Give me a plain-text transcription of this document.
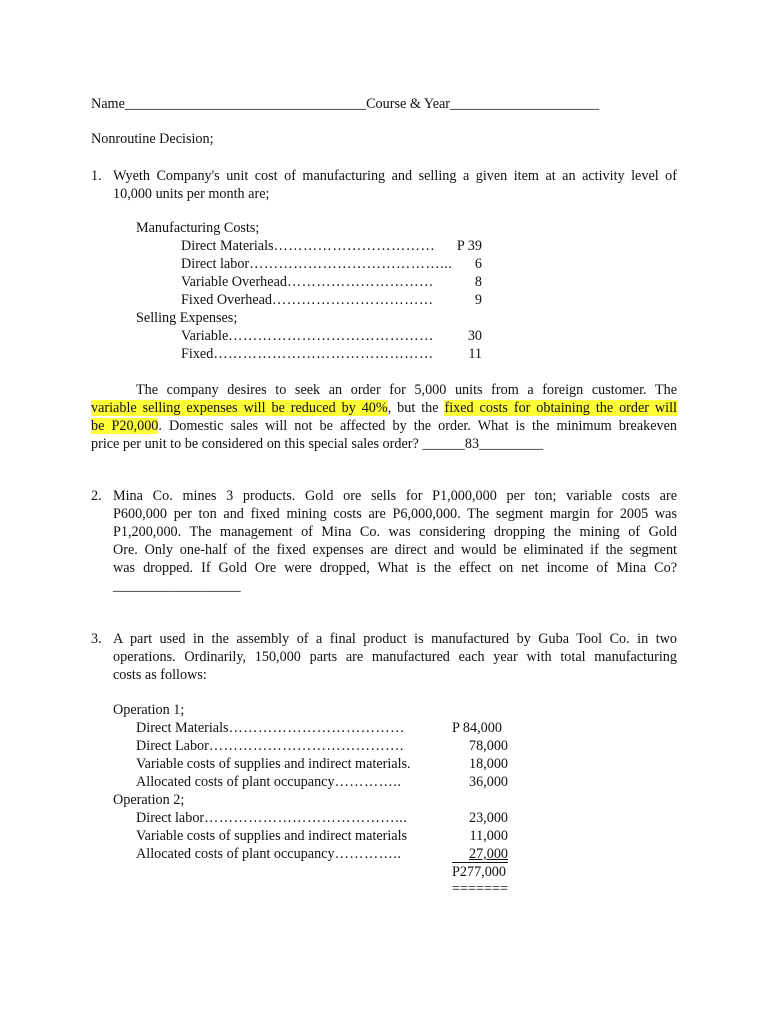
Name__________________________________Course & Year_____________________
Nonroutine Decision;
1. Wyeth Company's unit cost of manufacturing and selling a given item at an activity level of
10,000 units per month are;
Manufacturing Costs;
Direct Materials……………………………	P 39
Direct labor…………………………………...	6
Variable Overhead…………………………	8
Fixed Overhead……………………………	9
Selling Expenses;
Variable……………………………………	30
Fixed………………………………………	11
The company desires to seek an order for 5,000 units from a foreign customer. The
variable selling expenses will be reduced by 40%, but the fixed costs for obtaining the order will
be P20,000. Domestic sales will not be affected by the order. What is the minimum breakeven
price per unit to be considered on this special sales order? ______83_________
2. Mina Co. mines 3 products. Gold ore sells for P1,000,000 per ton; variable costs are
P600,000 per ton and fixed mining costs are P6,000,000. The segment margin for 2005 was
P1,200,000. The management of Mina Co. was considering dropping the mining of Gold
Ore. Only one-half of the fixed expenses are direct and would be eliminated if the segment
was dropped. If Gold Ore were dropped, What is the effect on net income of Mina Co?
__________________
3. A part used in the assembly of a final product is manufactured by Guba Tool Co. in two
operations. Ordinarily, 150,000 parts are manufactured each year with total manufacturing
costs as follows:
Operation 1;
Direct Materials………………………………	P 84,000
Direct Labor………………………………….	78,000
Variable costs of supplies and indirect materials.	18,000
Allocated costs of plant occupancy…………..	36,000
Operation 2;
Direct labor…………………………………...	23,000
Variable costs of supplies and indirect materials	11,000
Allocated costs of plant occupancy…………..	27,000
P277,000
=======
